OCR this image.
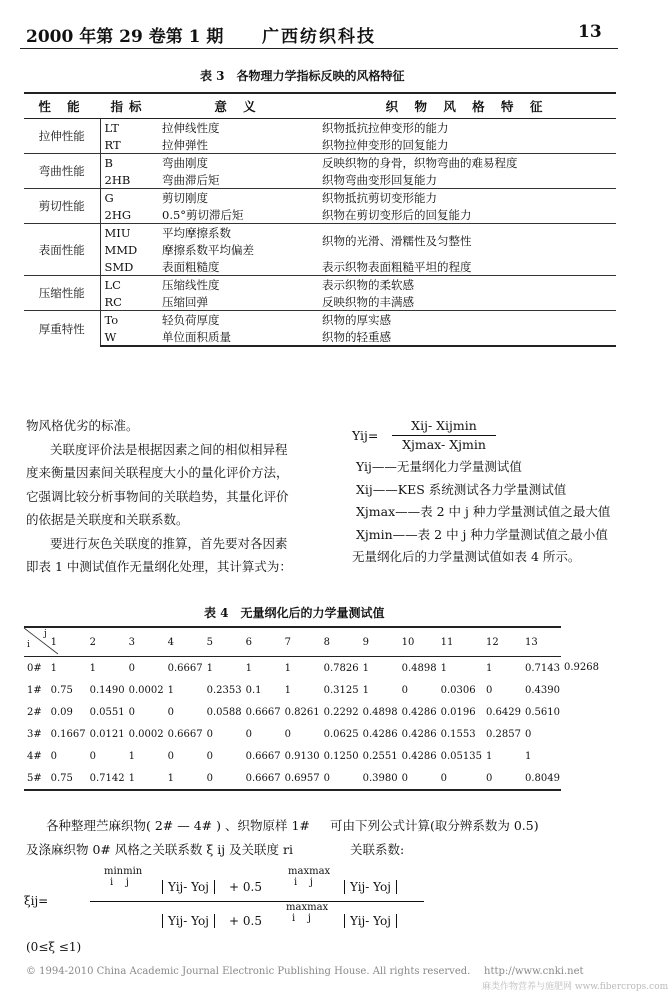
2000 年第 29 卷第 1 期 广西纺织科技	13
表 3　各物理力学指标反映的风格特征
性 能	指标	意 义	织 物 风 格 特 征
拉伸性能	LT	拉伸线性度	织物抵抗拉伸变形的能力
	RT	拉伸弹性	织物拉伸变形的回复能力
弯曲性能	B	弯曲刚度	反映织物的身骨，织物弯曲的难易程度
	2HB	弯曲滞后矩	织物弯曲变形回复能力
剪切性能	G	剪切刚度	织物抵抗剪切变形能力
	2HG	0.5°剪切滞后矩	织物在剪切变形后的回复能力
表面性能	MIU	平均摩擦系数	织物的光滑、滑糯性及匀整性
	MMD	摩擦系数平均偏差	
	SMD	表面粗糙度	表示织物表面粗糙平坦的程度
压缩性能	LC	压缩线性度	表示织物的柔软感
	RC	压缩回弹	反映织物的丰满感
厚重特性	To	轻负荷厚度	织物的厚实感
	W	单位面积质量	织物的轻重感
物风格优劣的标准。
关联度评价法是根据因素之间的相似相异程
度来衡量因素间关联程度大小的量化评价方法，
它强调比较分析事物间的关联趋势，其量化评价
的依据是关联度和关联系数。
要进行灰色关联度的推算，首先要对各因素
即表 1 中测试值作无量纲化处理，其计算式为：
Yij=
Xij- Xijmin
Xjmax- Xjmin
Yij——无量纲化力学量测试值
Xij——KES 系统测试各力学量测试值
Xjmax——表 2 中 j 种力学量测试值之最大值
Xjmin——表 2 中 j 种力学量测试值之最小值
无量纲化后的力学量测试值如表 4 所示。
表 4　无量纲化后的力学量测试值
i
j	1	2	3	4	5	6	7	8	9	10	11	12	13	
0#	1	1	0	0.6667	1	1	1	0.7826	1	0.4898	1	1	0.7143	0.9268
1#	0.75	0.1490	0.0002	1	0.2353	0.1	1	0.3125	1	0	0.0306	0	0.4390	
2#	0.09	0.0551	0	0	0.0588	0.6667	0.8261	0.2292	0.4898	0.4286	0.0196	0.6429	0.5610	
3#	0.1667	0.0121	0.0002	0.6667	0	0	0	0.0625	0.4286	0.4286	0.1553	0.2857	0	
4#	0	0	1	0	0	0.6667	0.9130	0.1250	0.2551	0.4286	0.05135	1	1	
5#	0.75	0.7142	1	1	0	0.6667	0.6957	0	0.3980	0	0	0	0.8049	
各种整理苎麻织物( 2# — 4# ) 、织物原样 1#
及涤麻织物 0# 风格之关联系数 ξ ij 及关联度 ri
可由下列公式计算(取分辨系数为 0.5)
关联系数:
ξij=
minmin
i    j	Yij- Yoj	+ 0.5
maxmax
i    j	Yij- Yoj
maxmax
i    j
Yij- Yoj	+ 0.5	Yij- Yoj
(0≤ξ ≤1)
© 1994-2010 China Academic Journal Electronic Publishing House. All rights reserved. http://www.cnki.net
麻类作物营养与施肥网 www.fibercrops.com
